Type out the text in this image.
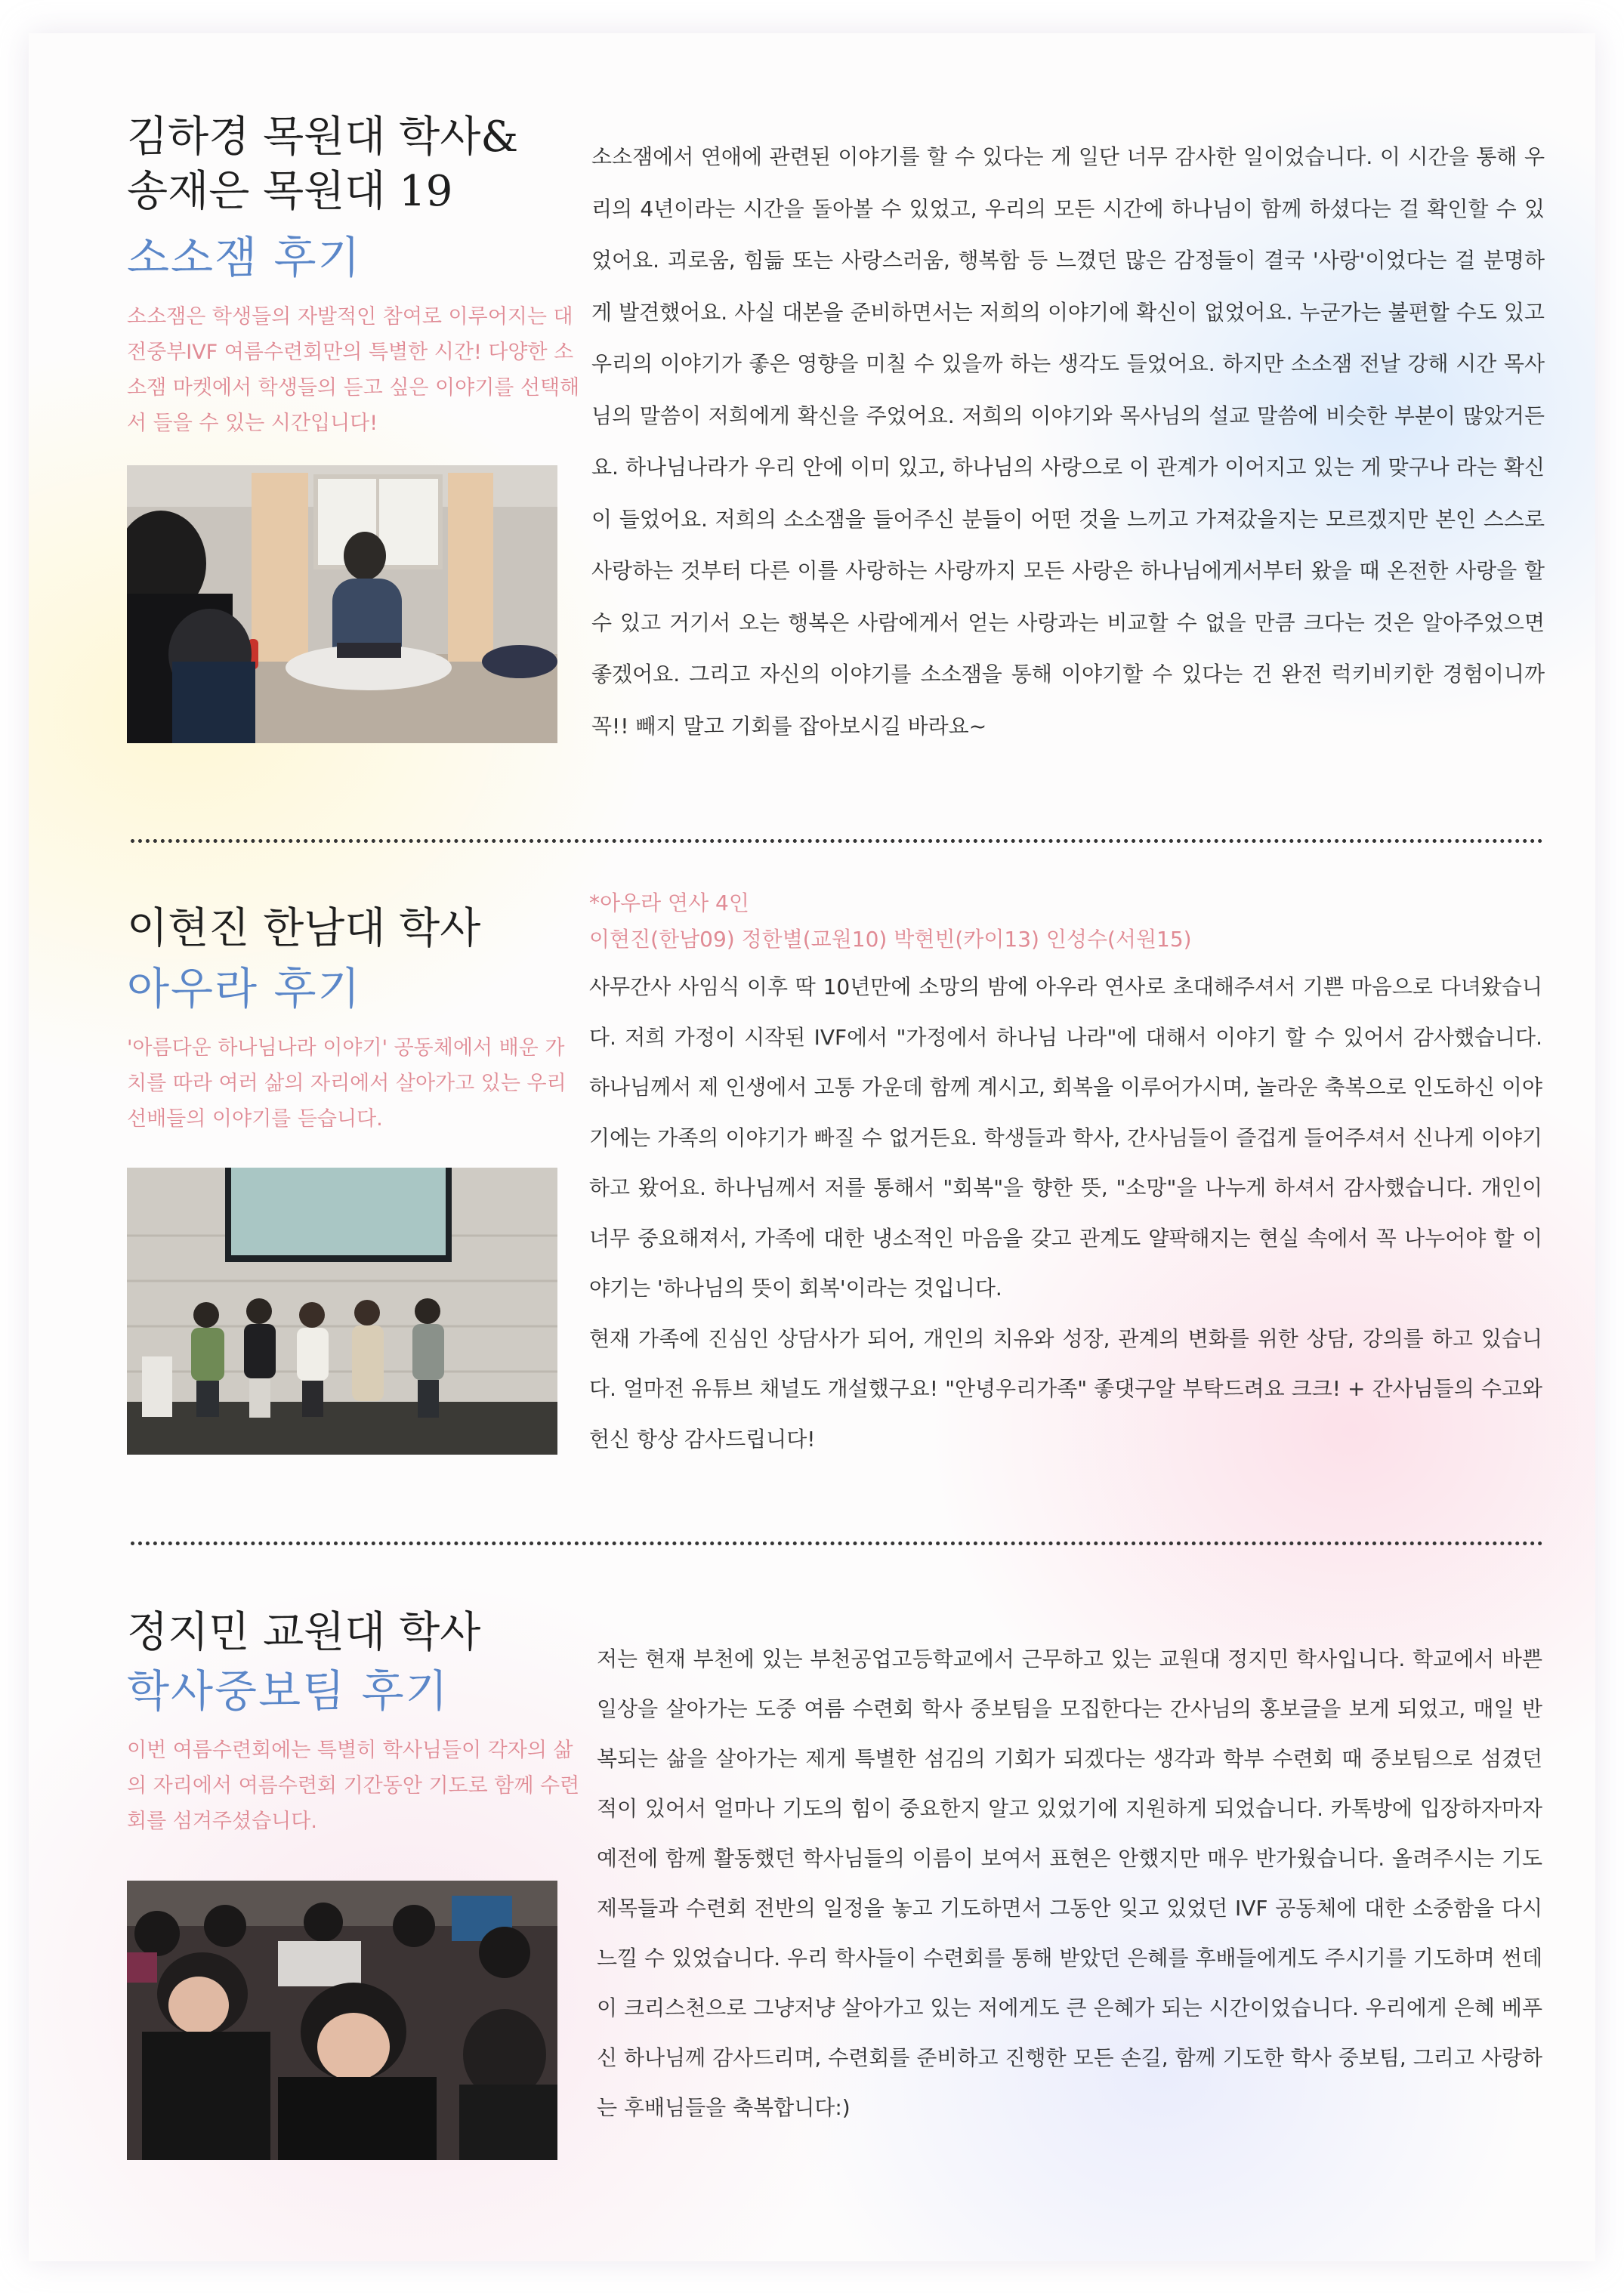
김하경 목원대 학사&
송재은 목원대 19
소소잼 후기

소소잼은 학생들의 자발적인 참여로 이루어지는 대전중부IVF 여름수련회만의 특별한 시간! 다양한 소소잼 마켓에서 학생들의 듣고 싶은 이야기를 선택해서 들을 수 있는 시간입니다!

소소잼에서 연애에 관련된 이야기를 할 수 있다는 게 일단 너무 감사한 일이었습니다. 이 시간을 통해 우리의 4년이라는 시간을 돌아볼 수 있었고, 우리의 모든 시간에 하나님이 함께 하셨다는 걸 확인할 수 있었어요. 괴로움, 힘듦 또는 사랑스러움, 행복함 등 느꼈던 많은 감정들이 결국 '사랑'이었다는 걸 분명하게 발견했어요. 사실 대본을 준비하면서는 저희의 이야기에 확신이 없었어요. 누군가는 불편할 수도 있고 우리의 이야기가 좋은 영향을 미칠 수 있을까 하는 생각도 들었어요. 하지만 소소잼 전날 강해 시간 목사님의 말씀이 저희에게 확신을 주었어요. 저희의 이야기와 목사님의 설교 말씀에 비슷한 부분이 많았거든요. 하나님나라가 우리 안에 이미 있고, 하나님의 사랑으로 이 관계가 이어지고 있는 게 맞구나 라는 확신이 들었어요. 저희의 소소잼을 들어주신 분들이 어떤 것을 느끼고 가져갔을지는 모르겠지만 본인 스스로 사랑하는 것부터 다른 이를 사랑하는 사랑까지 모든 사랑은 하나님에게서부터 왔을 때 온전한 사랑을 할 수 있고 거기서 오는 행복은 사람에게서 얻는 사랑과는 비교할 수 없을 만큼 크다는 것은 알아주었으면 좋겠어요. 그리고 자신의 이야기를 소소잼을 통해 이야기할 수 있다는 건 완전 럭키비키한 경험이니까 꼭!! 빼지 말고 기회를 잡아보시길 바라요~

이현진 한남대 학사
아우라 후기

'아름다운 하나님나라 이야기' 공동체에서 배운 가치를 따라 여러 삶의 자리에서 살아가고 있는 우리 선배들의 이야기를 듣습니다.

*아우라 연사 4인

이현진(한남09) 정한별(교원10) 박현빈(카이13) 인성수(서원15)

사무간사 사임식 이후 딱 10년만에 소망의 밤에 아우라 연사로 초대해주셔서 기쁜 마음으로 다녀왔습니다. 저희 가정이 시작된 IVF에서 "가정에서 하나님 나라"에 대해서 이야기 할 수 있어서 감사했습니다. 하나님께서 제 인생에서 고통 가운데 함께 계시고, 회복을 이루어가시며, 놀라운 축복으로 인도하신 이야기에는 가족의 이야기가 빠질 수 없거든요. 학생들과 학사, 간사님들이 즐겁게 들어주셔서 신나게 이야기 하고 왔어요. 하나님께서 저를 통해서 "회복"을 향한 뜻, "소망"을 나누게 하셔서 감사했습니다. 개인이 너무 중요해져서, 가족에 대한 냉소적인 마음을 갖고 관계도 얄팍해지는 현실 속에서 꼭 나누어야 할 이야기는 '하나님의 뜻이 회복'이라는 것입니다.

현재 가족에 진심인 상담사가 되어, 개인의 치유와 성장, 관계의 변화를 위한 상담, 강의를 하고 있습니다. 얼마전 유튜브 채널도 개설했구요! "안녕우리가족" 좋댓구알 부탁드려요 크크! + 간사님들의 수고와 헌신 항상 감사드립니다!

정지민 교원대 학사
학사중보팀 후기

이번 여름수련회에는 특별히 학사님들이 각자의 삶의 자리에서 여름수련회 기간동안 기도로 함께 수련회를 섬겨주셨습니다.

저는 현재 부천에 있는 부천공업고등학교에서 근무하고 있는 교원대 정지민 학사입니다. 학교에서 바쁜 일상을 살아가는 도중 여름 수련회 학사 중보팀을 모집한다는 간사님의 홍보글을 보게 되었고, 매일 반복되는 삶을 살아가는 제게 특별한 섬김의 기회가 되겠다는 생각과 학부 수련회 때 중보팀으로 섬겼던 적이 있어서 얼마나 기도의 힘이 중요한지 알고 있었기에 지원하게 되었습니다. 카톡방에 입장하자마자 예전에 함께 활동했던 학사님들의 이름이 보여서 표현은 안했지만 매우 반가웠습니다. 올려주시는 기도 제목들과 수련회 전반의 일정을 놓고 기도하면서 그동안 잊고 있었던 IVF 공동체에 대한 소중함을 다시 느낄 수 있었습니다. 우리 학사들이 수련회를 통해 받았던 은혜를 후배들에게도 주시기를 기도하며 썬데이 크리스천으로 그냥저냥 살아가고 있는 저에게도 큰 은혜가 되는 시간이었습니다. 우리에게 은혜 베푸신 하나님께 감사드리며, 수련회를 준비하고 진행한 모든 손길, 함께 기도한 학사 중보팀, 그리고 사랑하는 후배님들을 축복합니다:)
